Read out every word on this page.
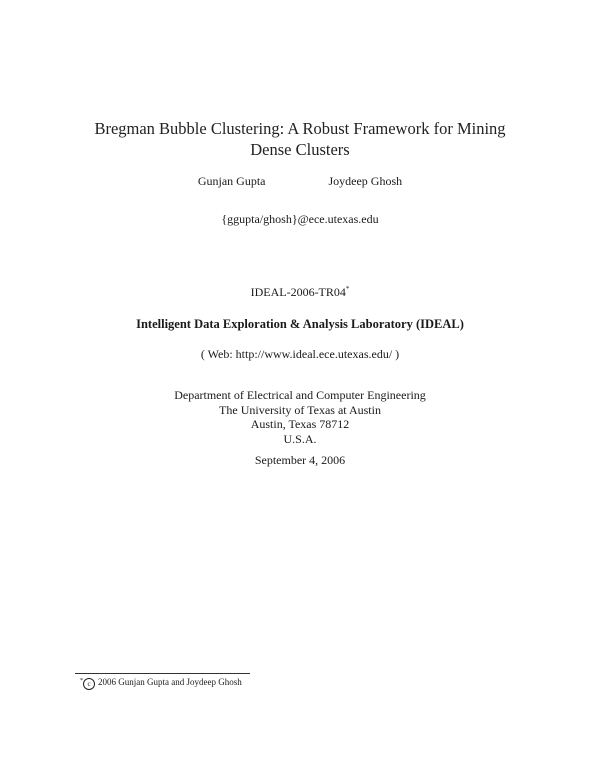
Bregman Bubble Clustering: A Robust Framework for Mining
Dense Clusters
Gunjan Gupta	Joydeep Ghosh
{ggupta/ghosh}@ece.utexas.edu
IDEAL-2006-TR04*
Intelligent Data Exploration & Analysis Laboratory (IDEAL)
( Web: http://www.ideal.ece.utexas.edu/ )
Department of Electrical and Computer Engineering
The University of Texas at Austin
Austin, Texas 78712
U.S.A.
September 4, 2006
* c 2006 Gunjan Gupta and Joydeep Ghosh
